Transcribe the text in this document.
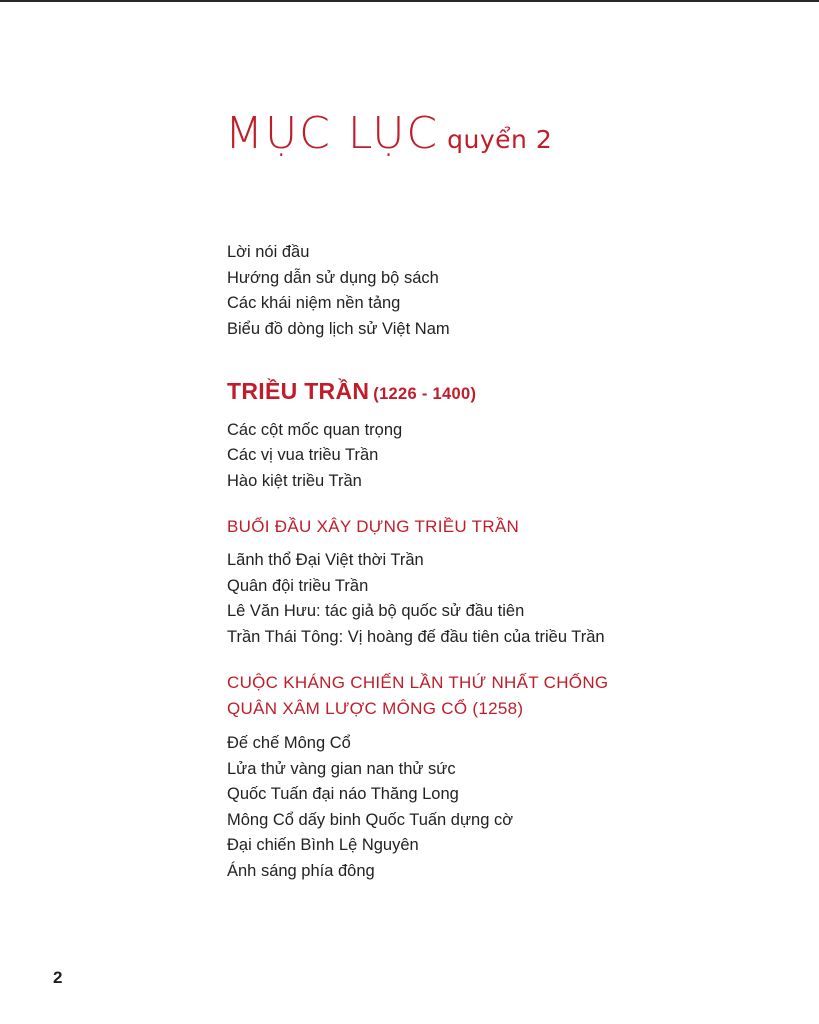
MỤC LỤC quyển 2
Lời nói đầu
Hướng dẫn sử dụng bộ sách
Các khái niệm nền tảng
Biểu đồ dòng lịch sử Việt Nam
TRIỀU TRẦN (1226 - 1400)
Các cột mốc quan trọng
Các vị vua triều Trần
Hào kiệt triều Trần
BUỔI ĐẦU XÂY DỰNG TRIỀU TRẦN
Lãnh thổ Đại Việt thời Trần
Quân đội triều Trần
Lê Văn Hưu: tác giả bộ quốc sử đầu tiên
Trần Thái Tông: Vị hoàng đế đầu tiên của triều Trần
CUỘC KHÁNG CHIẾN LẦN THỨ NHẤT CHỐNG
QUÂN XÂM LƯỢC MÔNG CỔ (1258)
Đế chế Mông Cổ
Lửa thử vàng gian nan thử sức
Quốc Tuấn đại náo Thăng Long
Mông Cổ dấy binh Quốc Tuấn dựng cờ
Đại chiến Bình Lệ Nguyên
Ánh sáng phía đông
2
